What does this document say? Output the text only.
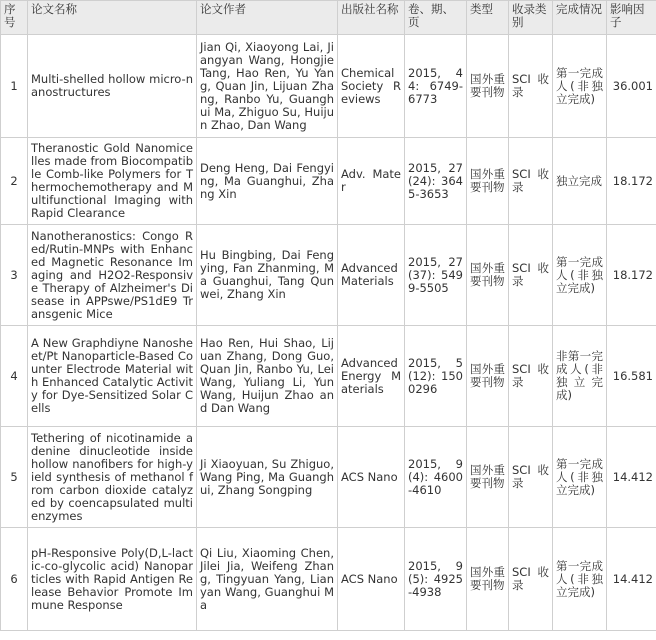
序号	论文名称	论文作者	出版社名称	卷、期、页	类型	收录类别	完成情况	影响因子
1	Multi-shelled hollow micro-nanostructures	Jian Qi, Xiaoyong Lai, Jiangyan Wang, Hongjie Tang, Hao Ren, Yu Yang, Quan Jin, Lijuan Zhang, Ranbo Yu, Guanghui Ma, Zhiguo Su, Huijun Zhao, Dan Wang	Chemical Society Reviews	2015, 44: 6749-6773	国外重要刊物	SCI收录	第一完成人(非独立完成)	36.001
2	Theranostic Gold Nanomicelles made from Biocompatible Comb-like Polymers for Thermochemotherapy and Multifunctional Imaging with Rapid Clearance	Deng Heng, Dai Fengying, Ma Guanghui, Zhang Xin	Adv. Mater	2015, 27(24): 3645-3653	国外重要刊物	SCI收录	独立完成	18.172
3	Nanotheranostics: Congo Red/Rutin-MNPs with Enhanced Magnetic Resonance Imaging and H2O2-Responsive Therapy of Alzheimer's Disease in APPswe/PS1dE9 Transgenic Mice	Hu Bingbing, Dai Fengying, Fan Zhanming, Ma Guanghui, Tang Qunwei, Zhang Xin	Advanced Materials	2015, 27(37): 5499-5505	国外重要刊物	SCI收录	第一完成人(非独立完成)	18.172
4	A New Graphdiyne Nanosheet/Pt Nanoparticle-Based Counter Electrode Material with Enhanced Catalytic Activity for Dye-Sensitized Solar Cells	Hao Ren, Hui Shao, Lijuan Zhang, Dong Guo, Quan Jin, Ranbo Yu, Lei Wang, Yuliang Li, Yun Wang, Huijun Zhao and Dan Wang	Advanced Energy Materials	2015, 5(12): 1500296	国外重要刊物	SCI收录	非第一完成人(非独立完成)	16.581
5	Tethering of nicotinamide adenine dinucleotide inside hollow nanofibers for high-yield synthesis of methanol from carbon dioxide catalyzed by coencapsulated multienzymes	Ji Xiaoyuan, Su Zhiguo, Wang Ping, Ma Guanghui, Zhang Songping	ACS Nano	2015, 9(4): 4600-4610	国外重要刊物	SCI收录	第一完成人(非独立完成)	14.412
6	pH-Responsive Poly(D,L-lactic-co-glycolic acid) Nanoparticles with Rapid Antigen Release Behavior Promote Immune Response	Qi Liu, Xiaoming Chen, Jilei Jia, Weifeng Zhang, Tingyuan Yang, Lianyan Wang, Guanghui Ma	ACS Nano	2015, 9(5): 4925-4938	国外重要刊物	SCI收录	第一完成人(非独立完成)	14.412
